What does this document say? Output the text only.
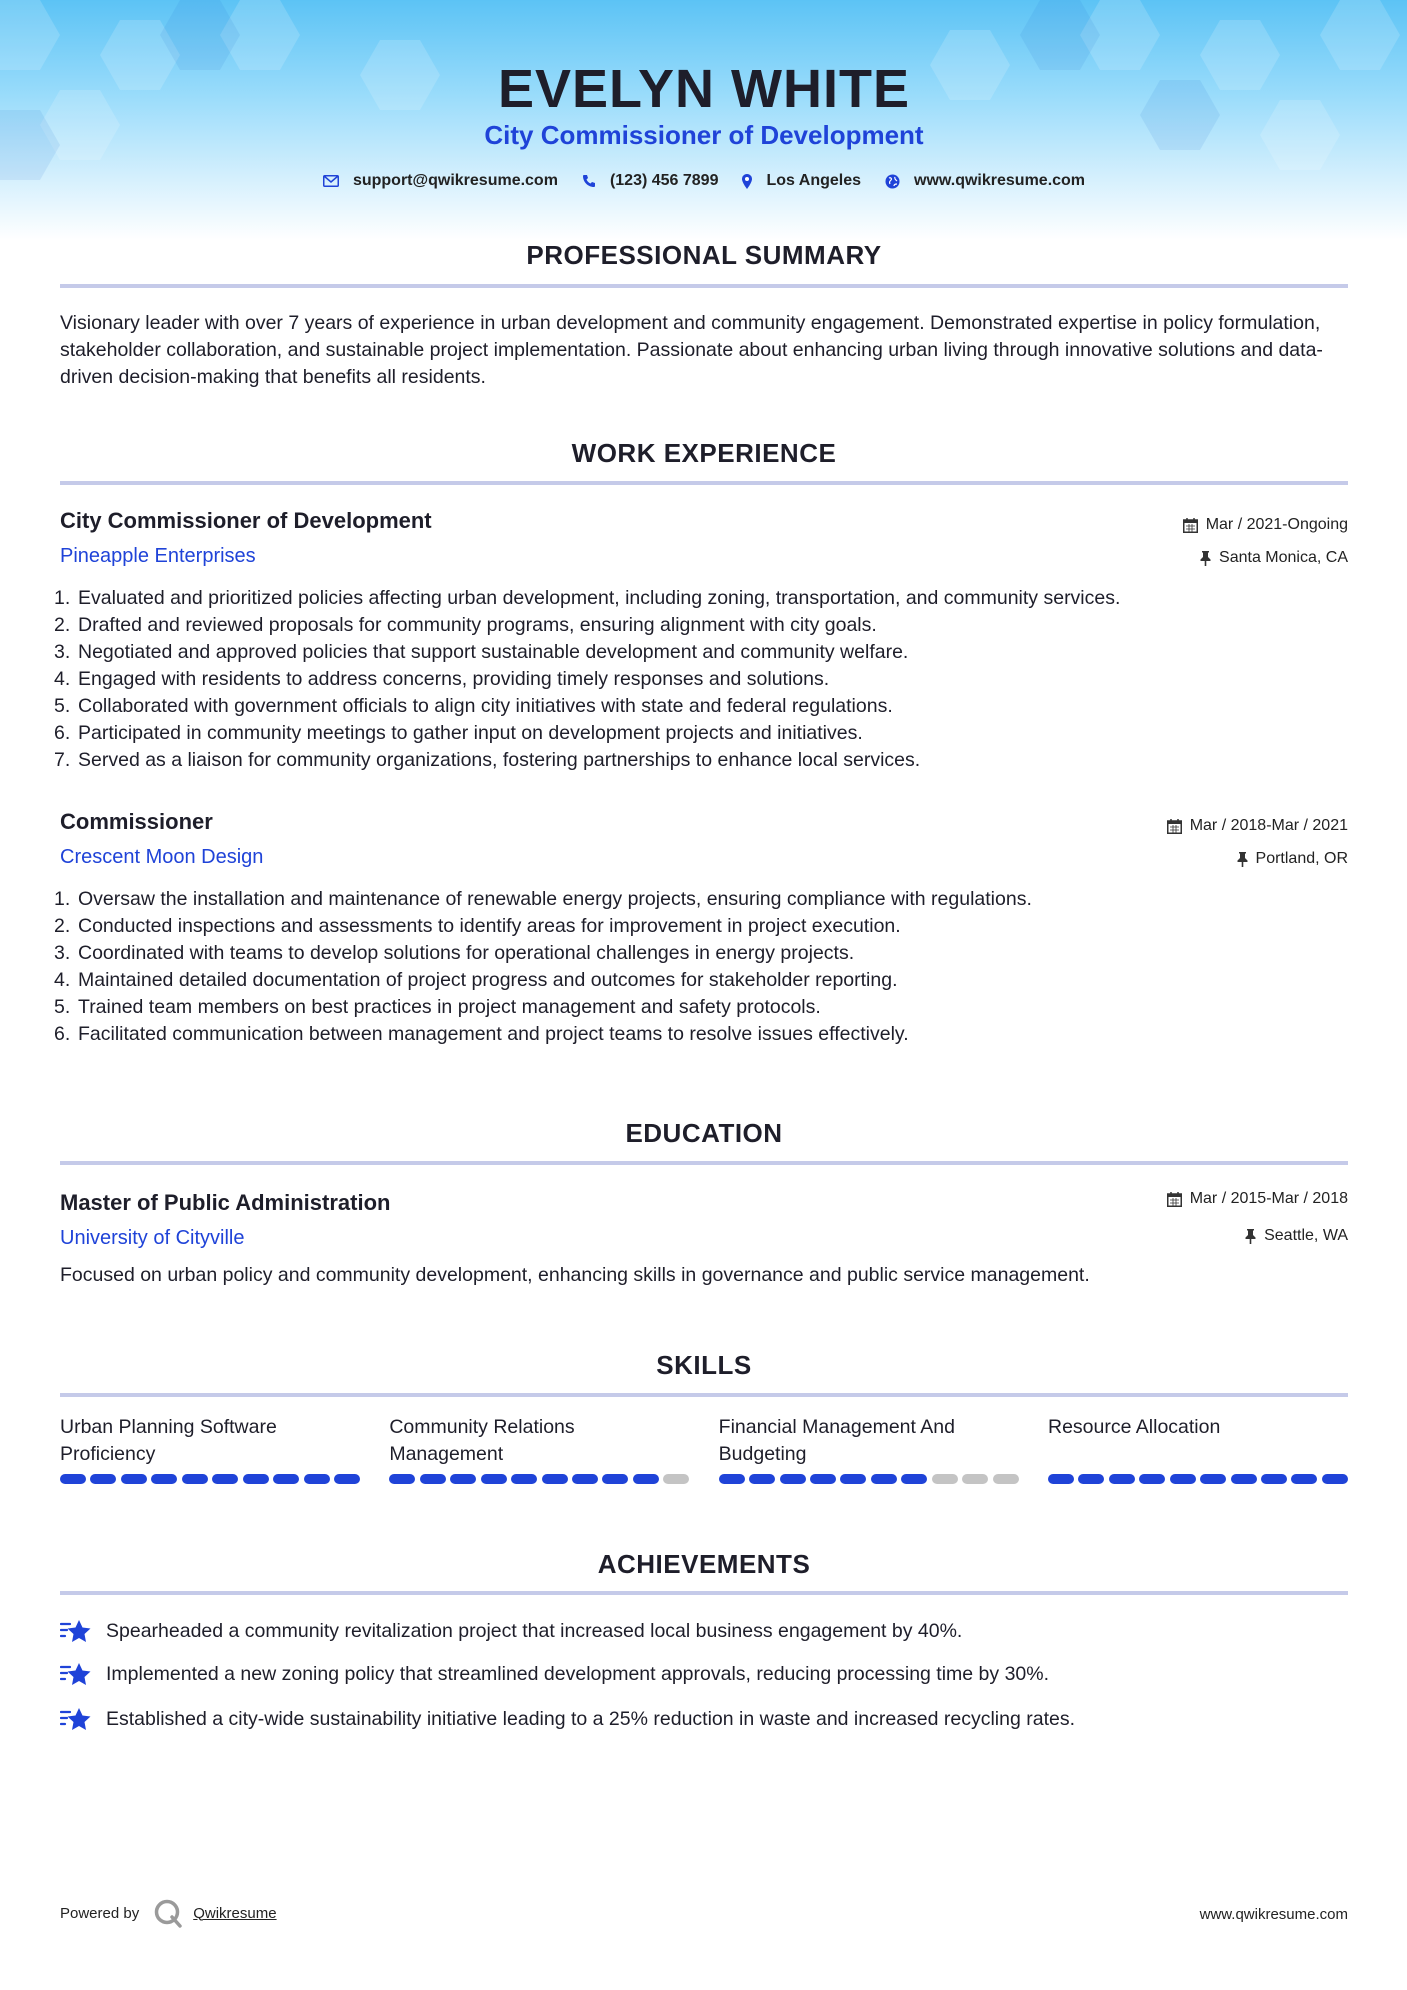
EVELYN WHITE
City Commissioner of Development
support@qwikresume.com	(123) 456 7899	Los Angeles	www.qwikresume.com
PROFESSIONAL SUMMARY
Visionary leader with over 7 years of experience in urban development and community engagement. Demonstrated expertise in policy formulation, stakeholder collaboration, and sustainable project implementation. Passionate about enhancing urban living through innovative solutions and data-driven decision-making that benefits all residents.
WORK EXPERIENCE
City Commissioner of Development
Pineapple Enterprises
Mar / 2021-Ongoing
Santa Monica, CA
1. Evaluated and prioritized policies affecting urban development, including zoning, transportation, and community services.
2. Drafted and reviewed proposals for community programs, ensuring alignment with city goals.
3. Negotiated and approved policies that support sustainable development and community welfare.
4. Engaged with residents to address concerns, providing timely responses and solutions.
5. Collaborated with government officials to align city initiatives with state and federal regulations.
6. Participated in community meetings to gather input on development projects and initiatives.
7. Served as a liaison for community organizations, fostering partnerships to enhance local services.
Commissioner
Crescent Moon Design
Mar / 2018-Mar / 2021
Portland, OR
1. Oversaw the installation and maintenance of renewable energy projects, ensuring compliance with regulations.
2. Conducted inspections and assessments to identify areas for improvement in project execution.
3. Coordinated with teams to develop solutions for operational challenges in energy projects.
4. Maintained detailed documentation of project progress and outcomes for stakeholder reporting.
5. Trained team members on best practices in project management and safety protocols.
6. Facilitated communication between management and project teams to resolve issues effectively.
EDUCATION
Master of Public Administration
University of Cityville
Mar / 2015-Mar / 2018
Seattle, WA
Focused on urban policy and community development, enhancing skills in governance and public service management.
SKILLS
Urban Planning Software Proficiency
Community Relations Management
Financial Management And Budgeting
Resource Allocation
ACHIEVEMENTS
Spearheaded a community revitalization project that increased local business engagement by 40%.
Implemented a new zoning policy that streamlined development approvals, reducing processing time by 30%.
Established a city-wide sustainability initiative leading to a 25% reduction in waste and increased recycling rates.
Powered by	Qwikresume	www.qwikresume.com
